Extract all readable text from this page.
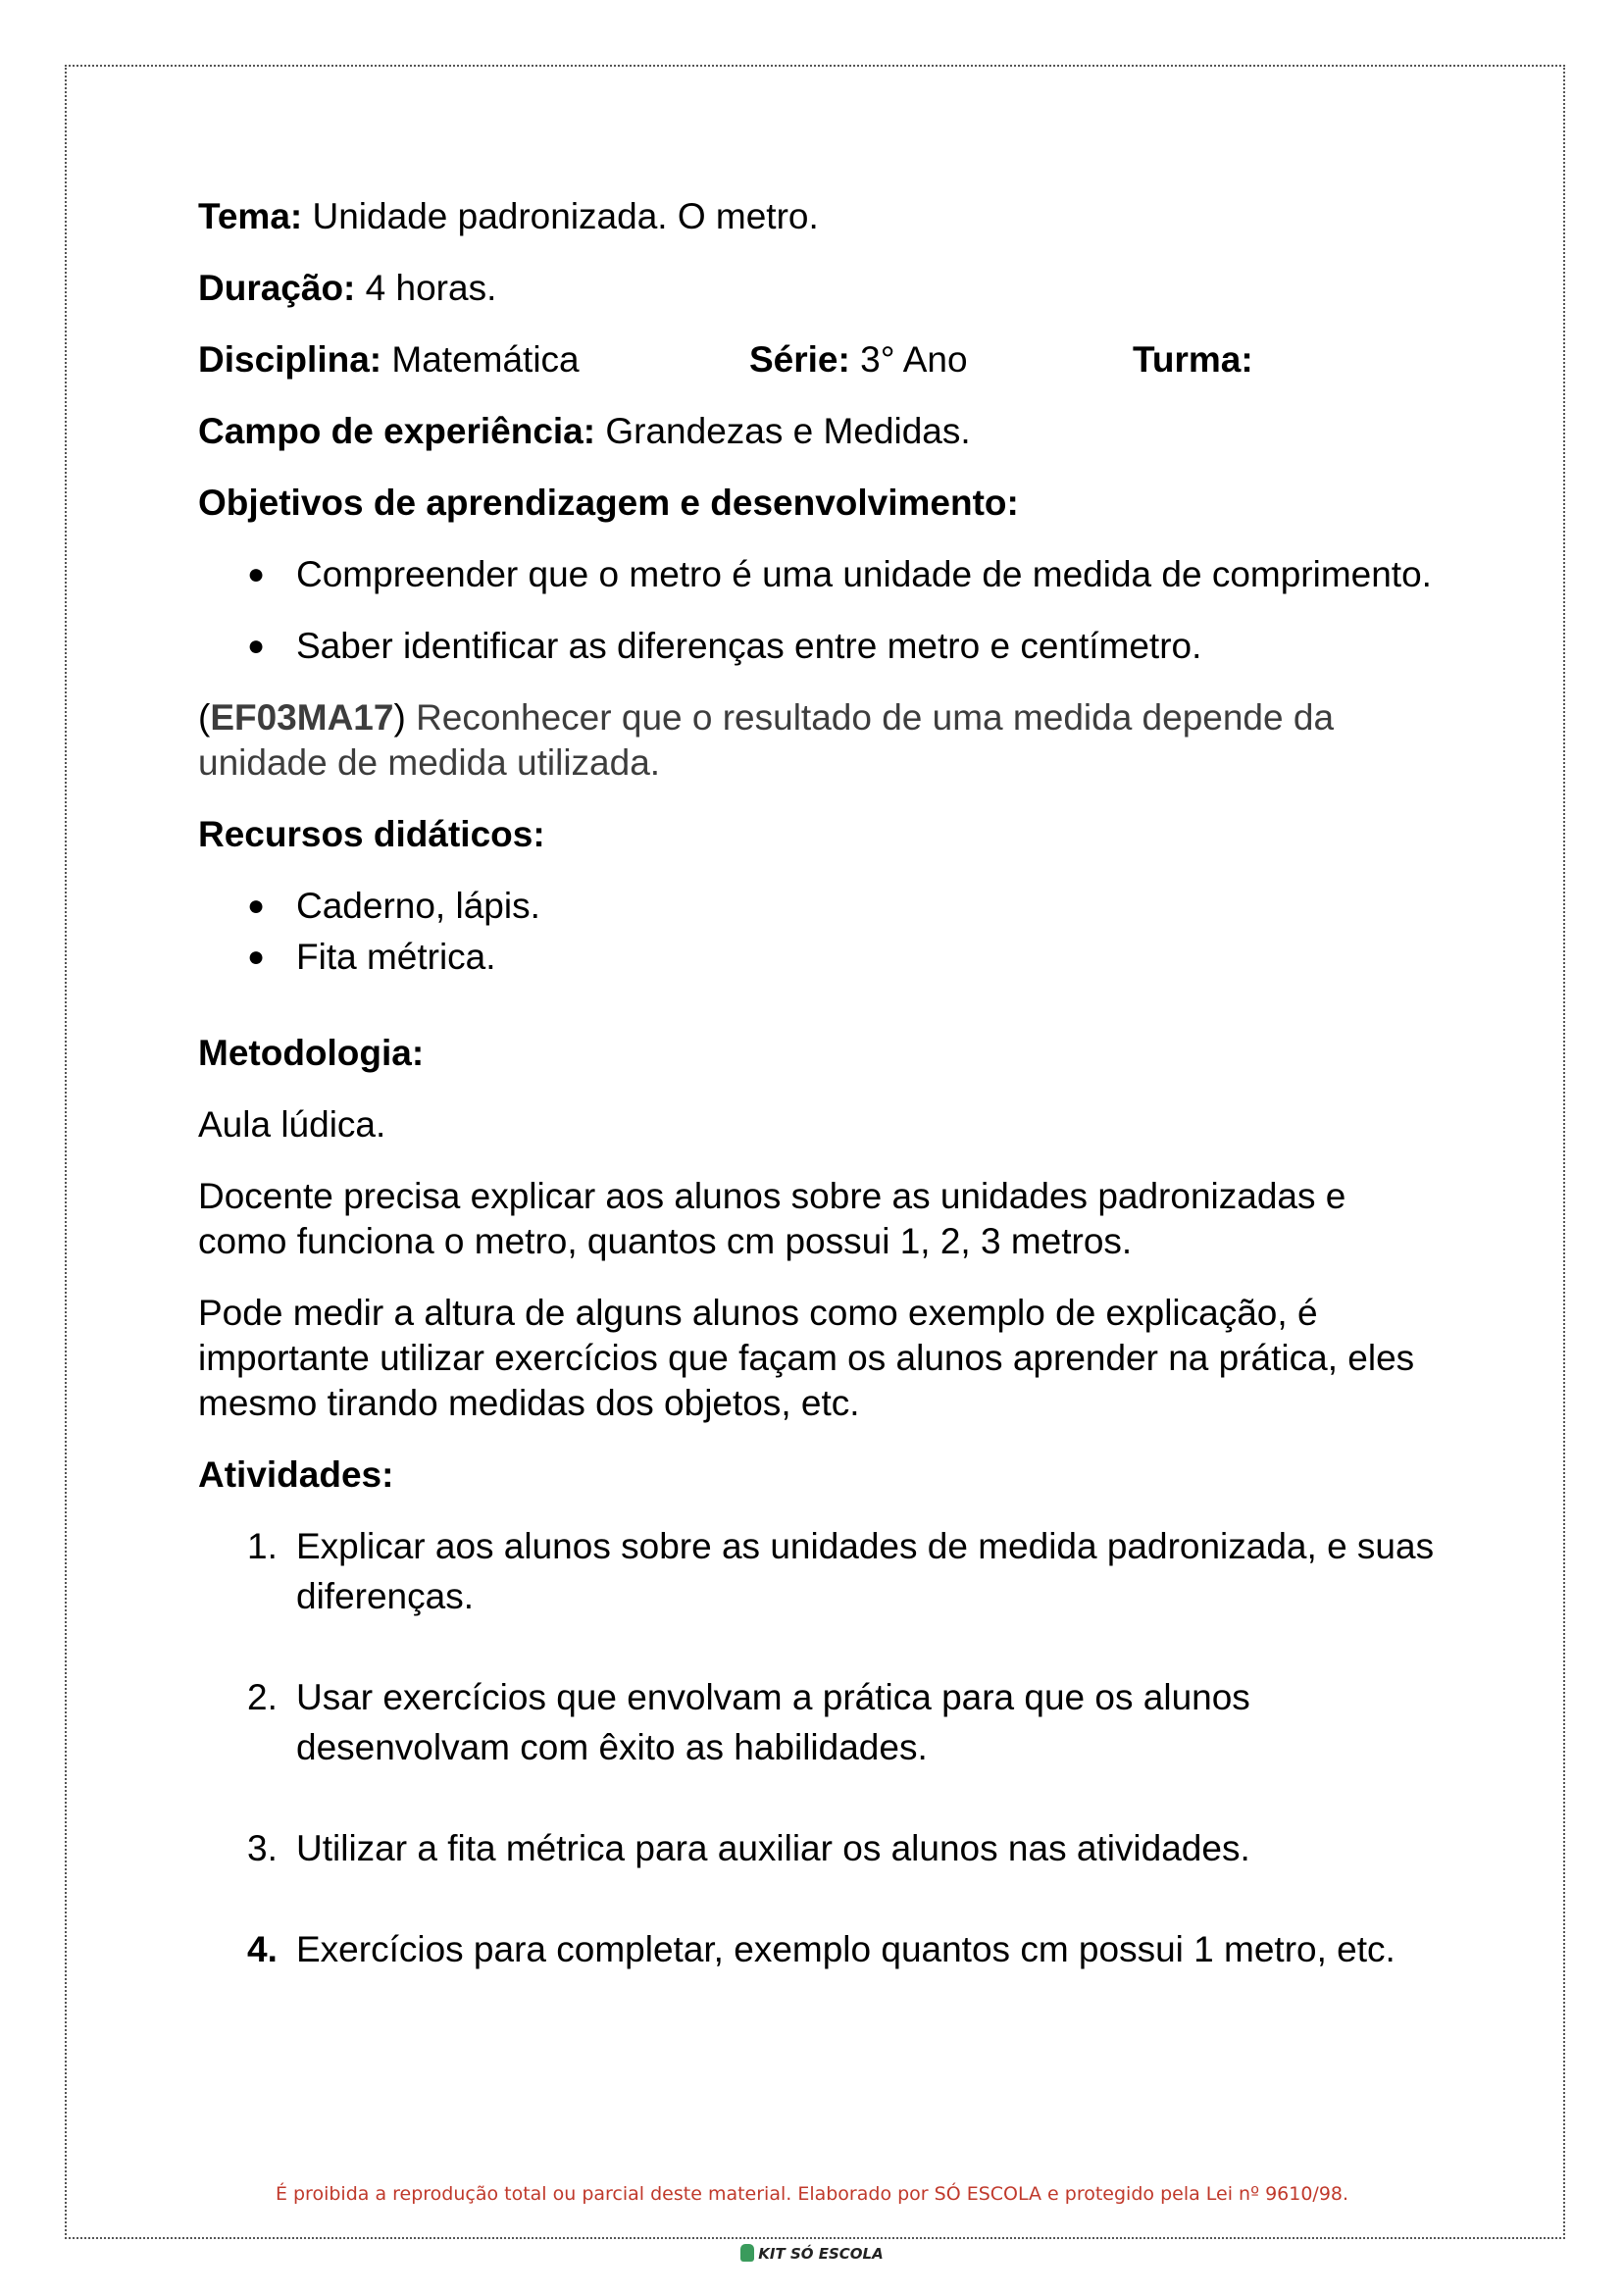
Tema: Unidade padronizada. O metro.

Duração: 4 horas.

Disciplina: Matemática	Série: 3° Ano	Turma:

Campo de experiência: Grandezas e Medidas.

Objetivos de aprendizagem e desenvolvimento:

● Compreender que o metro é uma unidade de medida de comprimento.
● Saber identificar as diferenças entre metro e centímetro.

(EF03MA17) Reconhecer que o resultado de uma medida depende da unidade de medida utilizada.

Recursos didáticos:

● Caderno, lápis.
● Fita métrica.

Metodologia:

Aula lúdica.

Docente precisa explicar aos alunos sobre as unidades padronizadas e como funciona o metro, quantos cm possui 1, 2, 3 metros.

Pode medir a altura de alguns alunos como exemplo de explicação, é importante utilizar exercícios que façam os alunos aprender na prática, eles mesmo tirando medidas dos objetos, etc.

Atividades:

1. Explicar aos alunos sobre as unidades de medida padronizada, e suas diferenças.
2. Usar exercícios que envolvam a prática para que os alunos desenvolvam com êxito as habilidades.
3. Utilizar a fita métrica para auxiliar os alunos nas atividades.
4. Exercícios para completar, exemplo quantos cm possui 1 metro, etc.
É proibida a reprodução total ou parcial deste material. Elaborado por SÓ ESCOLA e protegido pela Lei nº 9610/98.
KIT SÓ ESCOLA
